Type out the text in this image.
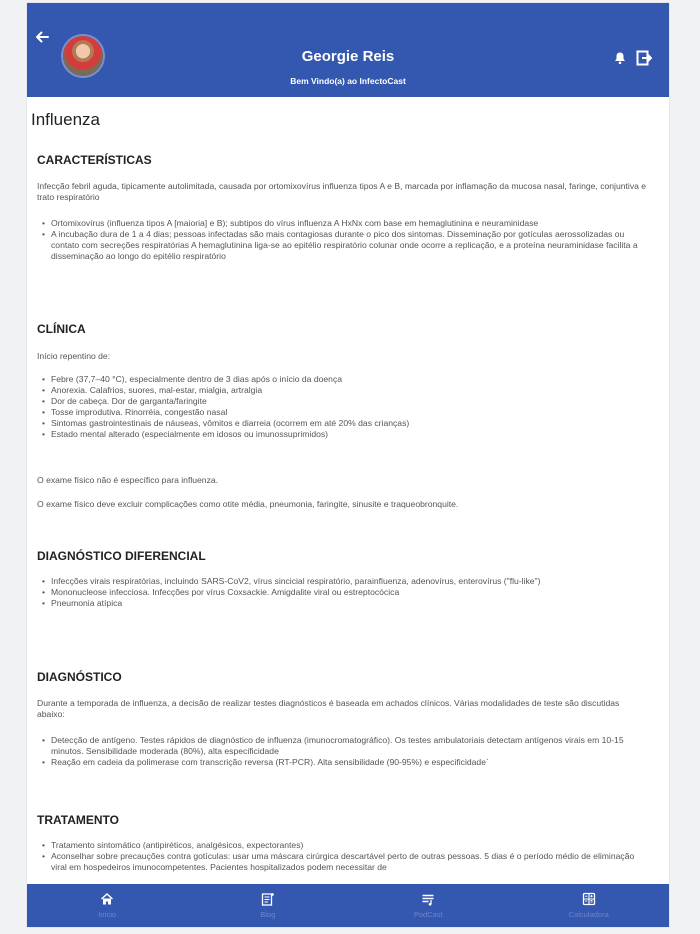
Georgie Reis
Bem Vindo(a) ao InfectoCast
Influenza
CARACTERÍSTICAS
Infecção febril aguda, tipicamente autolimitada, causada por ortomixovírus influenza tipos A e B, marcada por inflamação da mucosa nasal, faringe, conjuntiva e trato respiratório
• Ortomixovírus (influenza tipos A [maioria] e B); subtipos do vírus influenza A HxNx com base em hemaglutinina e neuraminidase
• A incubação dura de 1 a 4 dias; pessoas infectadas são mais contagiosas durante o pico dos sintomas. Disseminação por gotículas aerossolizadas ou contato com secreções respiratórias A hemaglutinina liga-se ao epitélio respiratório colunar onde ocorre a replicação, e a proteína neuraminidase facilita a disseminação ao longo do epitélio respiratório
CLÍNICA
Início repentino de:
• Febre (37,7–40 °C), especialmente dentro de 3 dias após o início da doença
• Anorexia. Calafrios, suores, mal-estar, mialgia, artralgia
• Dor de cabeça. Dor de garganta/faringite
• Tosse improdutiva. Rinorréia, congestão nasal
• Sintomas gastrointestinais de náuseas, vômitos e diarreia (ocorrem em até 20% das crianças)
• Estado mental alterado (especialmente em idosos ou imunossuprimidos)
O exame físico não é específico para influenza.
O exame físico deve excluir complicações como otite média, pneumonia, faringite, sinusite e traqueobronquite.
DIAGNÓSTICO DIFERENCIAL
• Infecções virais respiratórias, incluindo SARS-CoV2, vírus sincicial respiratório, parainfluenza, adenovírus, enterovírus ("flu-like")
• Mononucleose infecciosa. Infecções por vírus Coxsackie. Amigdalite viral ou estreptocócica
• Pneumonia atípica
DIAGNÓSTICO
Durante a temporada de influenza, a decisão de realizar testes diagnósticos é baseada em achados clínicos. Várias modalidades de teste são discutidas abaixo:
• Detecção de antígeno. Testes rápidos de diagnóstico de influenza (imunocromatográfico). Os testes ambulatoriais detectam antígenos virais em 10-15 minutos. Sensibilidade moderada (80%), alta especificidade
• Reação em cadeia da polimerase com transcrição reversa (RT-PCR). Alta sensibilidade (90-95%) e especificidade`
TRATAMENTO
• Tratamento sintomático (antipiréticos, analgésicos, expectorantes)
• Aconselhar sobre precauções contra gotículas: usar uma máscara cirúrgica descartável perto de outras pessoas. 5 dias é o período médio de eliminação viral em hospedeiros imunocompetentes. Pacientes hospitalizados podem necessitar de
Início	Blog	PodCast	Calculadora
